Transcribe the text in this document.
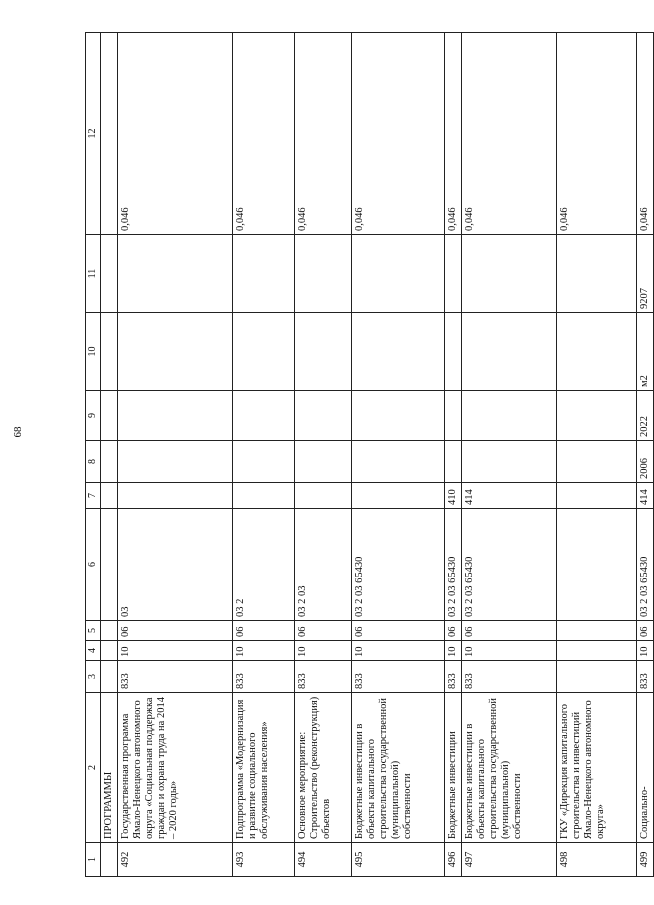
68
1	2	3	4	5	6	7	8	9	10	11	12
	ПРОГРАММЫ										
492	Государственная программа Ямало-Ненецкого автономного округа «Социальная поддержка граждан и охрана труда на 2014 – 2020 годы»	833	10	06	03						0,046
493	Подпрограмма «Модернизация и развитие социального обслуживания населения»	833	10	06	03 2						0,046
494	Основное мероприятие: Строительство (реконструкция) объектов	833	10	06	03 2 03						0,046
495	Бюджетные инвестиции в объекты капитального строительства государственной (муниципальной) собственности	833	10	06	03 2 03 65430						0,046
496	Бюджетные инвестиции	833	10	06	03 2 03 65430	410					0,046
497	Бюджетные инвестиции в объекты капитального строительства государственной (муниципальной) собственности	833	10	06	03 2 03 65430	414					0,046
498	ГКУ «Дирекция капитального строительства и инвестиций Ямало-Ненецкого автономного округа»										0,046
499	Социально-	833	10	06	03 2 03 65430	414	2006	2022	м2	9207	0,046
